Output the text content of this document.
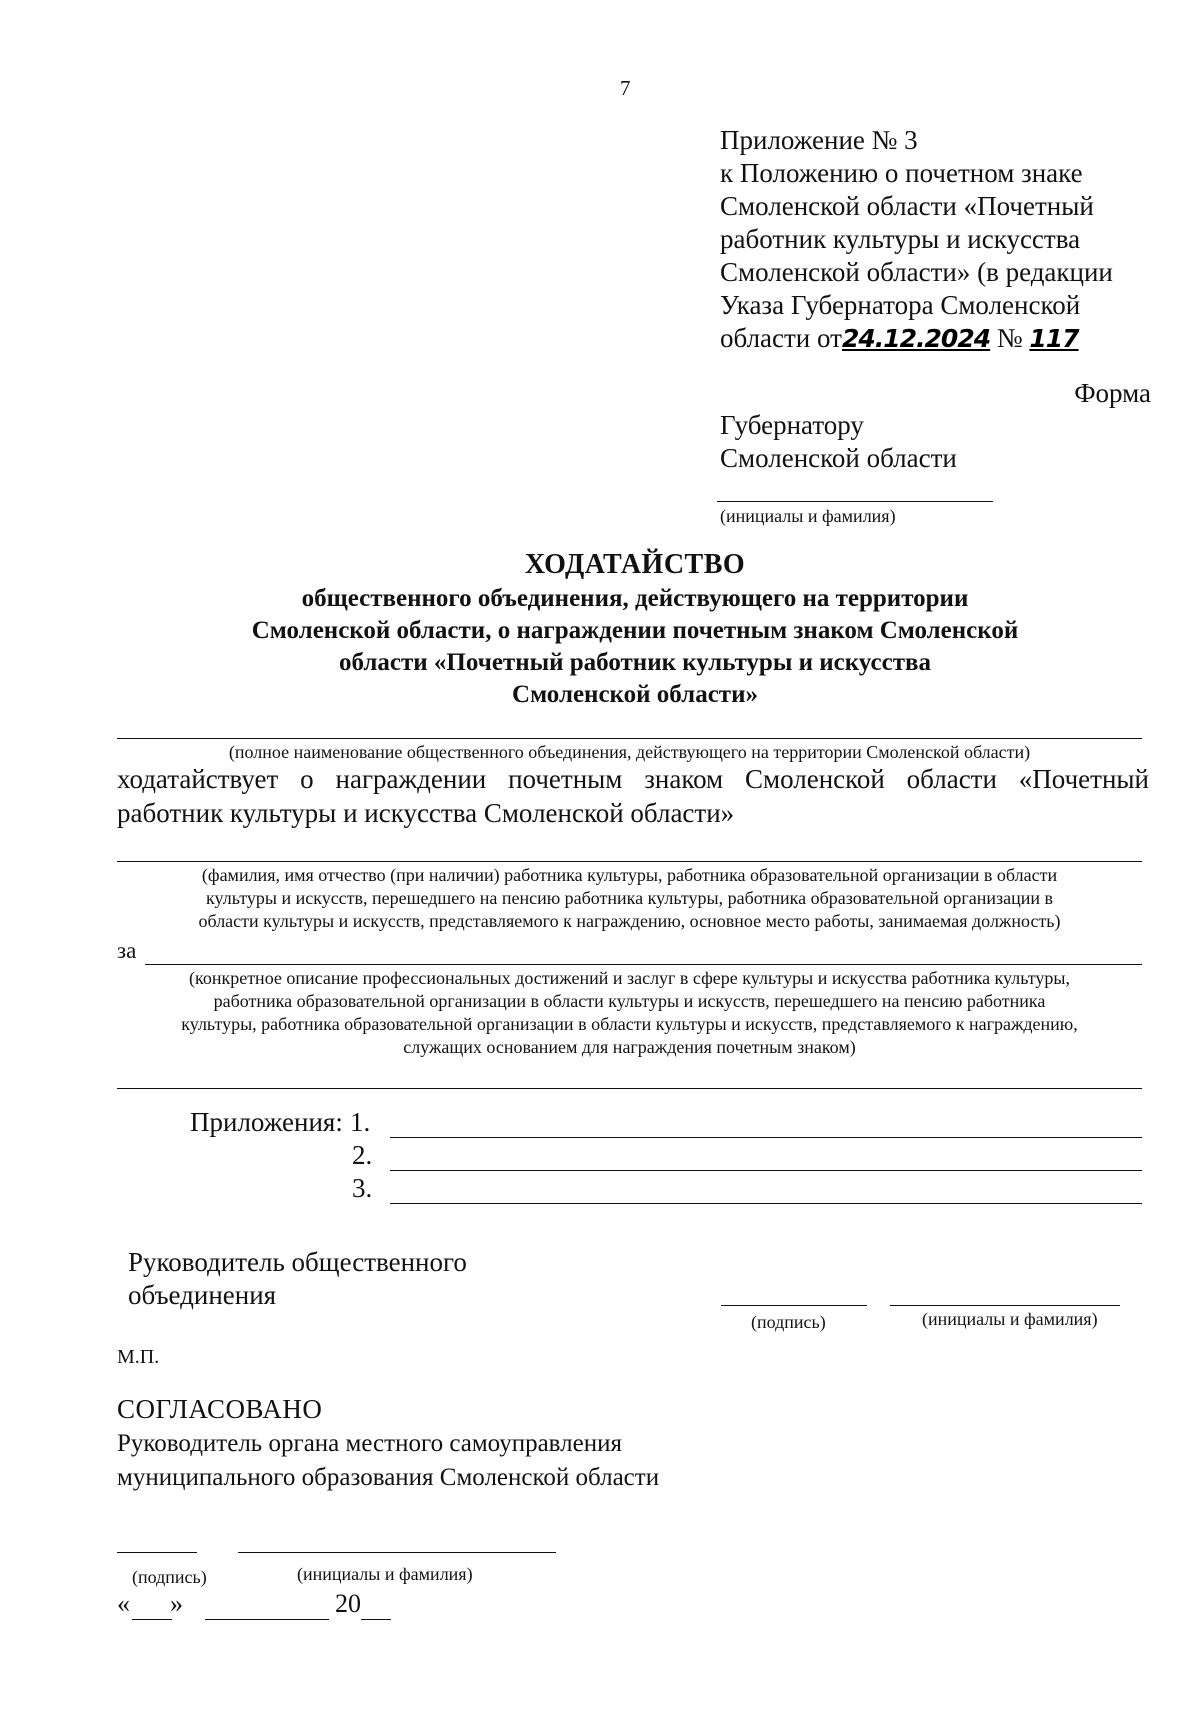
7
Приложение № 3
к Положению о почетном знаке
Смоленской области «Почетный
работник культуры и искусства
Смоленской области» (в редакции
Указа Губернатора Смоленской
области от24.12.2024 № 117
Форма
Губернатору
Смоленской области
(инициалы и фамилия)
ХОДАТАЙСТВО
общественного объединения, действующего на территории
Смоленской области, о награждении почетным знаком Смоленской
области «Почетный работник культуры и искусства
Смоленской области»
(полное наименование общественного объединения, действующего на территории Смоленской области)
ходатайствует о награждении почетным знаком Смоленской области «Почетный работник культуры и искусства Смоленской области»
(фамилия, имя отчество (при наличии) работника культуры, работника образовательной организации в области
культуры и искусств, перешедшего на пенсию работника культуры, работника образовательной организации в
области культуры и искусств, представляемого к награждению, основное место работы, занимаемая должность)
за
(конкретное описание профессиональных достижений и заслуг в сфере культуры и искусства работника культуры,
работника образовательной организации в области культуры и искусств, перешедшего на пенсию работника
культуры, работника образовательной организации в области культуры и искусств, представляемого к награждению,
служащих основанием для награждения почетным знаком)
Приложения: 1.
2.
3.
Руководитель общественного
объединения
(подпись)	(инициалы и фамилия)
М.П.
СОГЛАСОВАНО
Руководитель органа местного самоуправления
муниципального образования Смоленской области
(подпись)	(инициалы и фамилия)
« »	20
